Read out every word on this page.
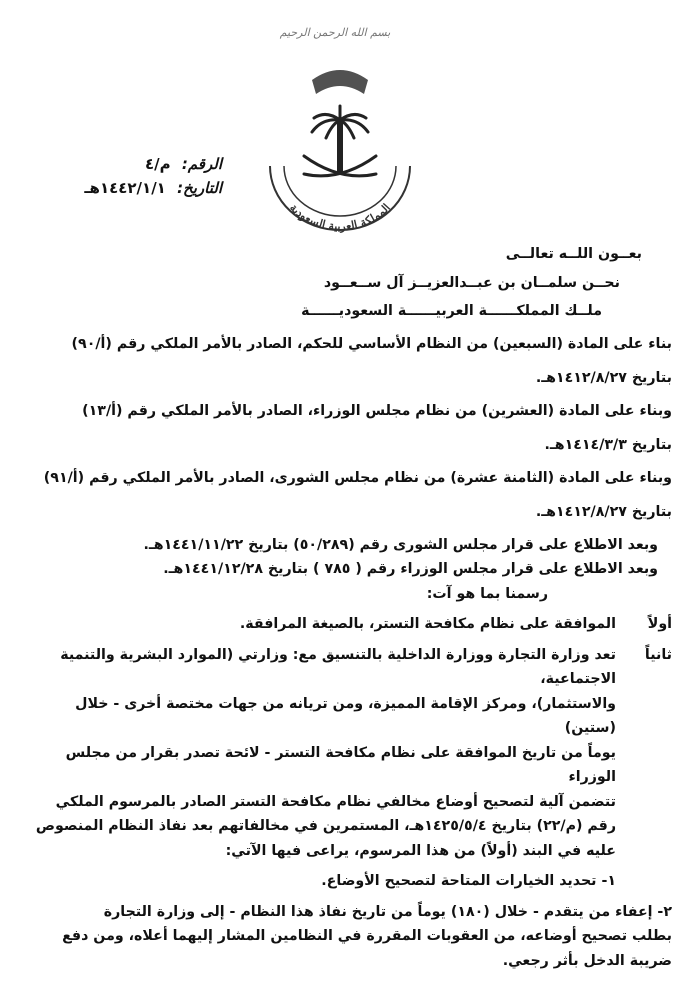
بسم الله الرحمن الرحيم
المملكة العربية السعودية
الرقم: م/٤
التاريخ: ١٤٤٢/١/١هـ
بعــون اللــه تعالــى
نحــن سلمــان بن عبــدالعزيــز آل ســعــود
ملــك المملكــــــة العربيــــــة السعوديــــــة
بناء على المادة (السبعين) من النظام الأساسي للحكم، الصادر بالأمر الملكي رقم (أ/٩٠)
بتاريخ ١٤١٢/٨/٢٧هـ.
وبناء على المادة (العشرين) من نظام مجلس الوزراء، الصادر بالأمر الملكي رقم (أ/١٣)
بتاريخ ١٤١٤/٣/٣هـ.
وبناء على المادة (الثامنة عشرة) من نظام مجلس الشورى، الصادر بالأمر الملكي رقم (أ/٩١)
بتاريخ ١٤١٢/٨/٢٧هـ.
وبعد الاطلاع على قرار مجلس الشورى رقم (٥٠/٢٨٩) بتاريخ ١٤٤١/١١/٢٢هـ.
وبعد الاطلاع على قرار مجلس الوزراء رقم ( ٧٨٥ ) بتاريخ ١٤٤١/١٢/٢٨هـ.
رسمنا بما هو آت:
أولاً
الموافقة على نظام مكافحة التستر، بالصيغة المرافقة.
ثانياً
تعد وزارة التجارة ووزارة الداخلية بالتنسيق مع: وزارتي (الموارد البشرية والتنمية الاجتماعية،
والاستثمار)، ومركز الإقامة المميزة، ومن تريانه من جهات مختصة أخرى - خلال (ستين)
يوماً من تاريخ الموافقة على نظام مكافحة التستر - لائحة تصدر بقرار من مجلس الوزراء
تتضمن آلية لتصحيح أوضاع مخالفي نظام مكافحة التستر الصادر بالمرسوم الملكي
رقم (م/٢٢) بتاريخ ١٤٢٥/٥/٤هـ، المستمرين في مخالفاتهم بعد نفاذ النظام المنصوص
عليه في البند (أولاً) من هذا المرسوم، يراعى فيها الآتي:
١- تحديد الخيارات المتاحة لتصحيح الأوضاع.
٢- إعفاء من يتقدم - خلال (١٨٠) يوماً من تاريخ نفاذ هذا النظام - إلى وزارة التجارة
بطلب تصحيح أوضاعه، من العقوبات المقررة في النظامين المشار إليهما أعلاه، ومن دفع
ضريبة الدخل بأثر رجعي.
